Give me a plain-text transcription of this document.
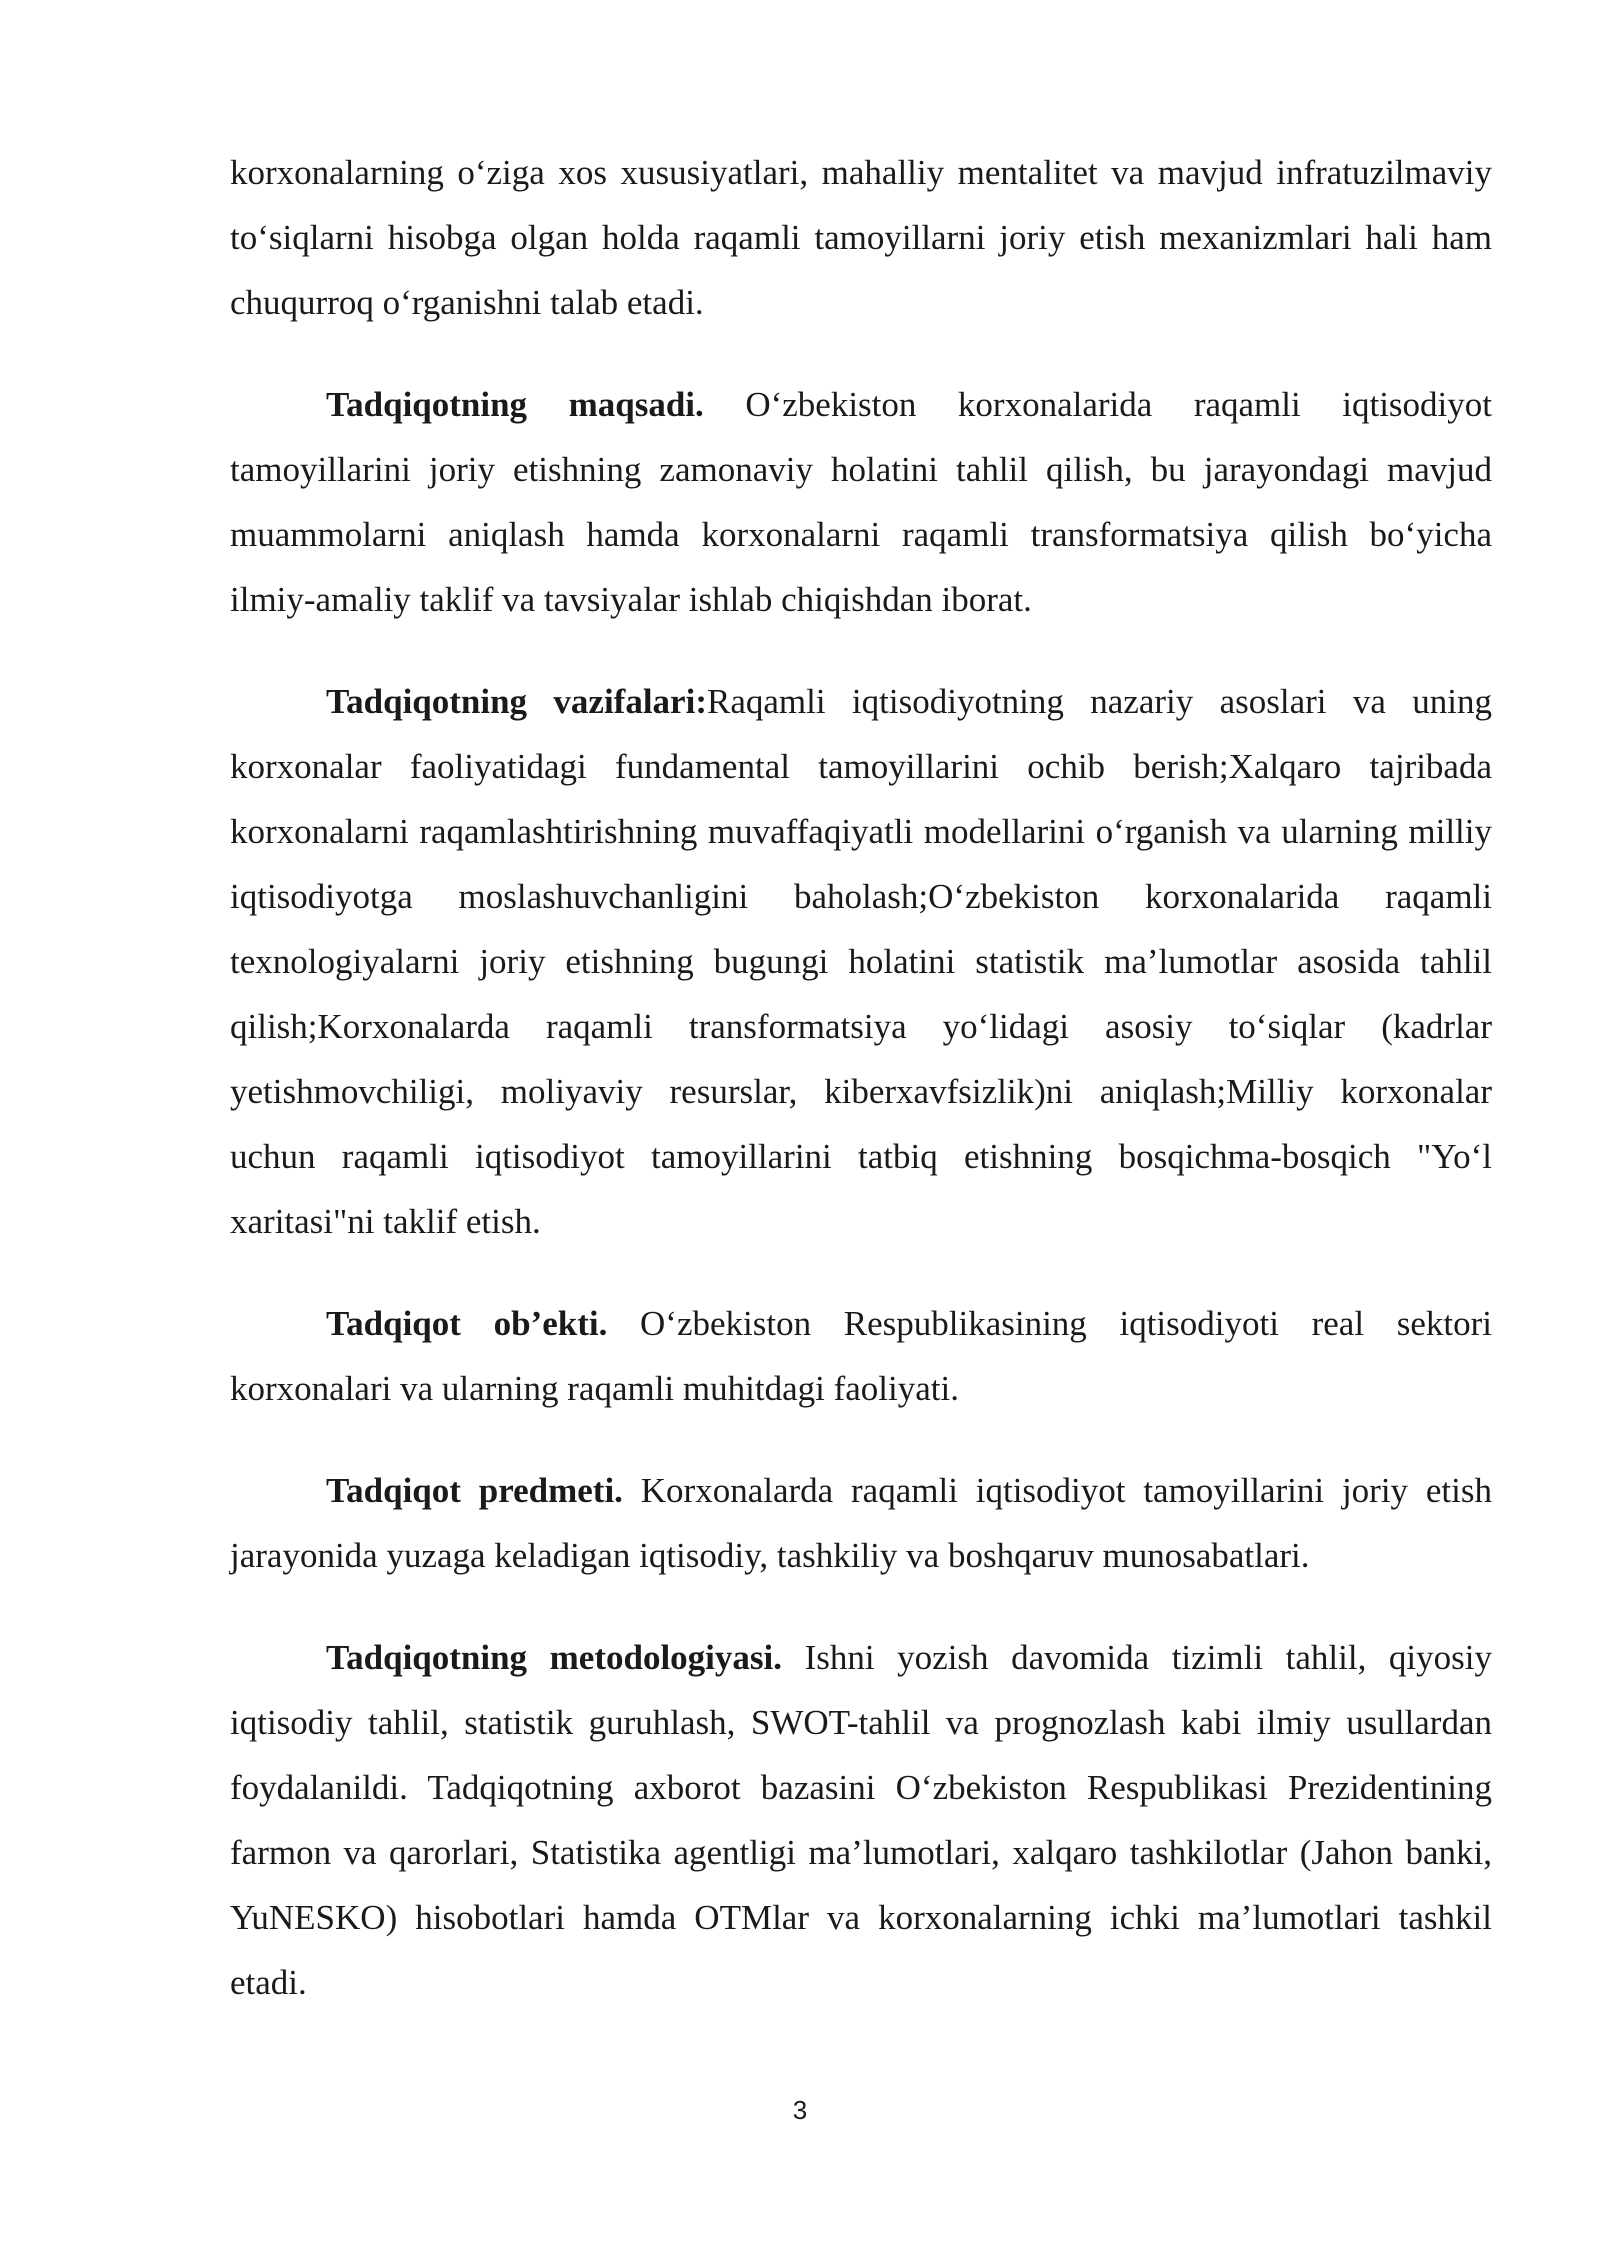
korxonalarning o‘ziga xos xususiyatlari, mahalliy mentalitet va mavjud infratuzilmaviy to‘siqlarni hisobga olgan holda raqamli tamoyillarni joriy etish mexanizmlari hali ham chuqurroq o‘rganishni talab etadi.

Tadqiqotning maqsadi. O‘zbekiston korxonalarida raqamli iqtisodiyot tamoyillarini joriy etishning zamonaviy holatini tahlil qilish, bu jarayondagi mavjud muammolarni aniqlash hamda korxonalarni raqamli transformatsiya qilish bo‘yicha ilmiy-amaliy taklif va tavsiyalar ishlab chiqishdan iborat.

Tadqiqotning vazifalari:Raqamli iqtisodiyotning nazariy asoslari va uning korxonalar faoliyatidagi fundamental tamoyillarini ochib berish;Xalqaro tajribada korxonalarni raqamlashtirishning muvaffaqiyatli modellarini o‘rganish va ularning milliy iqtisodiyotga moslashuvchanligini baholash;O‘zbekiston korxonalarida raqamli texnologiyalarni joriy etishning bugungi holatini statistik ma’lumotlar asosida tahlil qilish;Korxonalarda raqamli transformatsiya yo‘lidagi asosiy to‘siqlar (kadrlar yetishmovchiligi, moliyaviy resurslar, kiberxavfsizlik)ni aniqlash;Milliy korxonalar uchun raqamli iqtisodiyot tamoyillarini tatbiq etishning bosqichma-bosqich "Yo‘l xaritasi"ni taklif etish.

Tadqiqot ob’ekti. O‘zbekiston Respublikasining iqtisodiyoti real sektori korxonalari va ularning raqamli muhitdagi faoliyati.

Tadqiqot predmeti. Korxonalarda raqamli iqtisodiyot tamoyillarini joriy etish jarayonida yuzaga keladigan iqtisodiy, tashkiliy va boshqaruv munosabatlari.

Tadqiqotning metodologiyasi. Ishni yozish davomida tizimli tahlil, qiyosiy iqtisodiy tahlil, statistik guruhlash, SWOT-tahlil va prognozlash kabi ilmiy usullardan foydalanildi. Tadqiqotning axborot bazasini O‘zbekiston Respublikasi Prezidentining farmon va qarorlari, Statistika agentligi ma’lumotlari, xalqaro tashkilotlar (Jahon banki, YuNESKO) hisobotlari hamda OTMlar va korxonalarning ichki ma’lumotlari tashkil etadi.

3
